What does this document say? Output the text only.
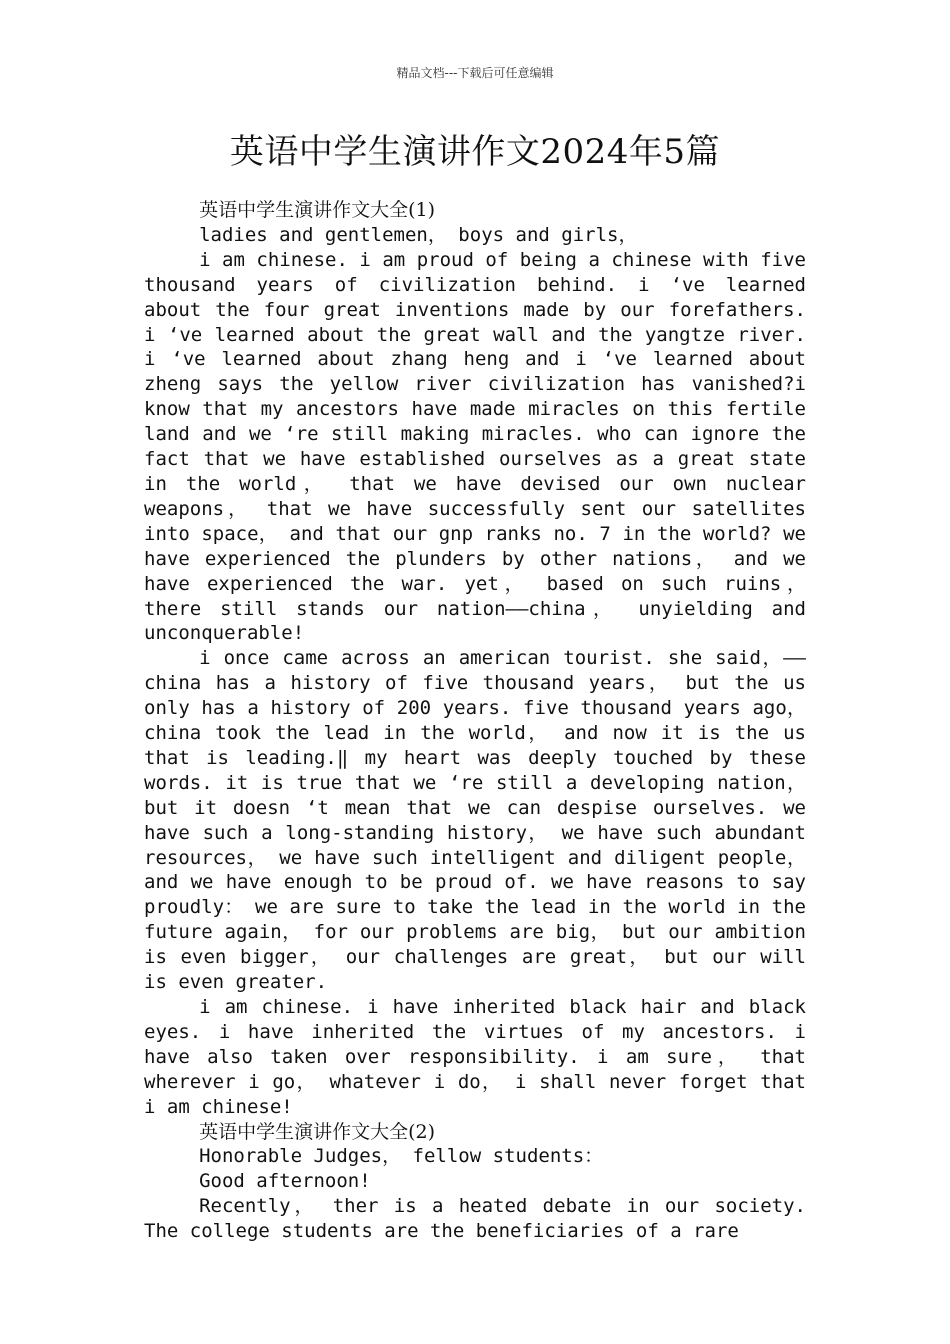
精品文档---下载后可任意编辑
英语中学生演讲作文2024年5篇

英语中学生演讲作文大全(1)

ladies and gentlemen， boys and girls，

i am chinese. i am proud of being a chinese with five thousand years of civilization behind. i ‘ve learned about the four great inventions made by our forefathers. i ‘ve learned about the great wall and the yangtze river. i ‘ve learned about zhang heng and i ‘ve learned about zheng says the yellow river civilization has vanished?i know that my ancestors have made miracles on this fertile land and we ‘re still making miracles. who can ignore the fact that we have established ourselves as a great state in the world， that we have devised our own nuclear weapons， that we have successfully sent our satellites into space， and that our gnp ranks no. 7 in the world? we have experienced the plunders by other nations， and we have experienced the war. yet， based on such ruins， there still stands our nation——china， unyielding and unconquerable!

i once came across an american tourist. she said，——china has a history of five thousand years， but the us only has a history of 200 years. five thousand years ago， china took the lead in the world， and now it is the us that is leading.‖ my heart was deeply touched by these words. it is true that we ‘re still a developing nation， but it doesn ‘t mean that we can despise ourselves. we have such a long-standing history， we have such abundant resources， we have such intelligent and diligent people， and we have enough to be proud of. we have reasons to say proudly： we are sure to take the lead in the world in the future again， for our problems are big， but our ambition is even bigger， our challenges are great， but our will is even greater.

i am chinese. i have inherited black hair and black eyes. i have inherited the virtues of my ancestors. i have also taken over responsibility. i am sure， that wherever i go， whatever i do， i shall never forget that i am chinese!

英语中学生演讲作文大全(2)

Honorable Judges， fellow students：

Good afternoon!

Recently， ther is a heated debate in our society. The college students are the beneficiaries of a rare
